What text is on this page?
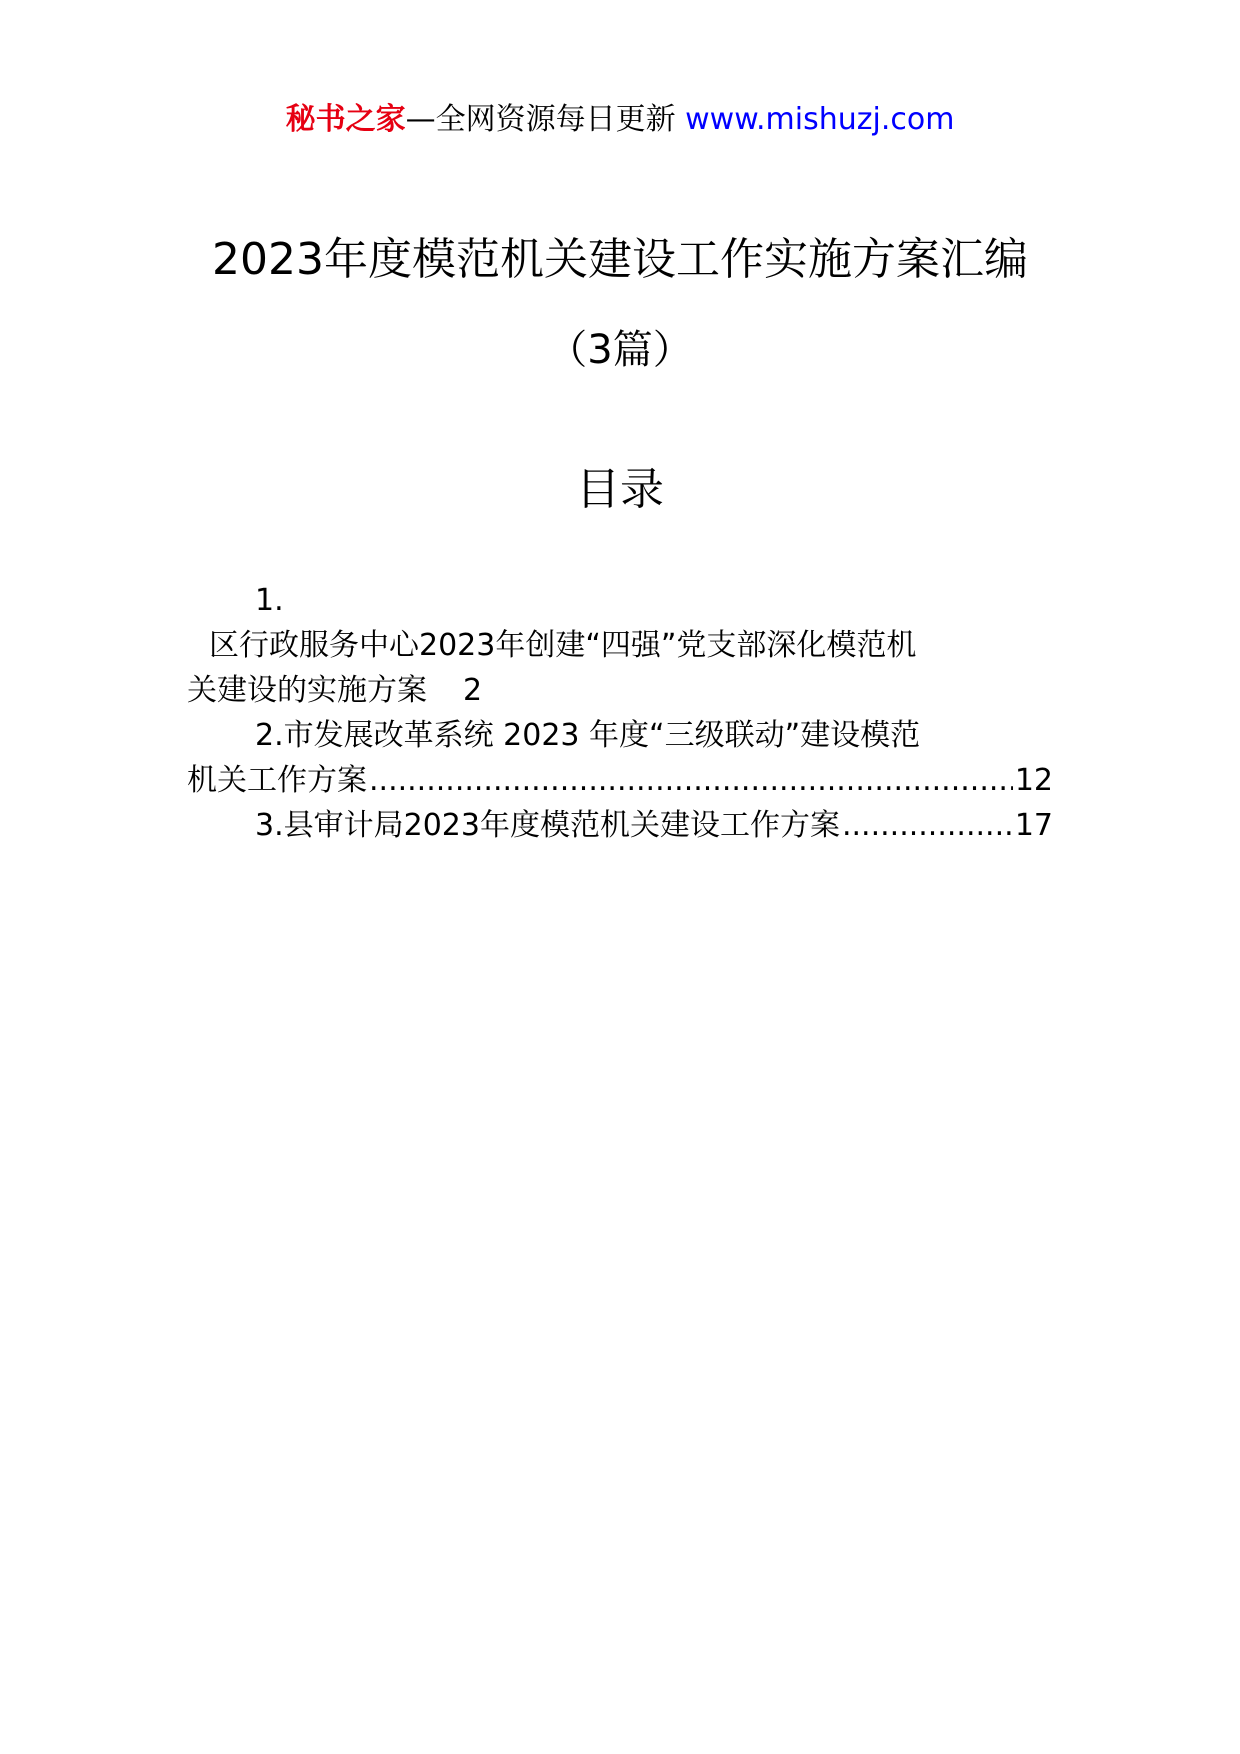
秘书之家—全网资源每日更新 www.mishuzj.com
2023年度模范机关建设工作实施方案汇编
（3篇）
目录
1.
区行政服务中心2023年创建“四强”党支部深化模范机
关建设的实施方案 2
2.市发展改革系统 2023 年度“三级联动”建设模范
机关工作方案 .....	12
3.县审计局2023年度模范机关建设工作方案 .....	17
